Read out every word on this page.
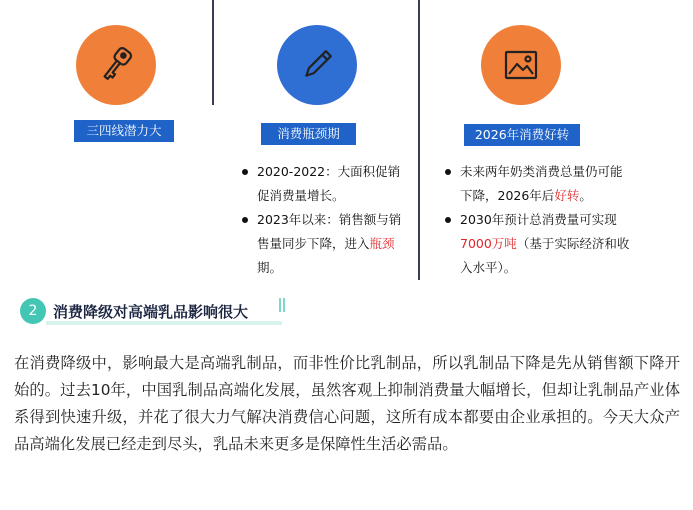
三四线潜力大	消费瓶颈期
2020-2022：大面积促销促消费量增长。
2023年以来：销售额与销售量同步下降，进入瓶颈期。
2026年消费好转
未来两年奶类消费总量仍可能下降，2026年后好转。
2030年预计总消费量可实现7000万吨（基于实际经济和收入水平）。
2	消费降级对高端乳品影响很大

在消费降级中，影响最大是高端乳制品，而非性价比乳制品，所以乳制品下降是先从销售额下降开始的。过去10年，中国乳制品高端化发展，虽然客观上抑制消费量大幅增长，但却让乳制品产业体系得到快速升级，并花了很大力气解决消费信心问题，这所有成本都要由企业承担的。今天大众产品高端化发展已经走到尽头，乳品未来更多是保障性生活必需品。
